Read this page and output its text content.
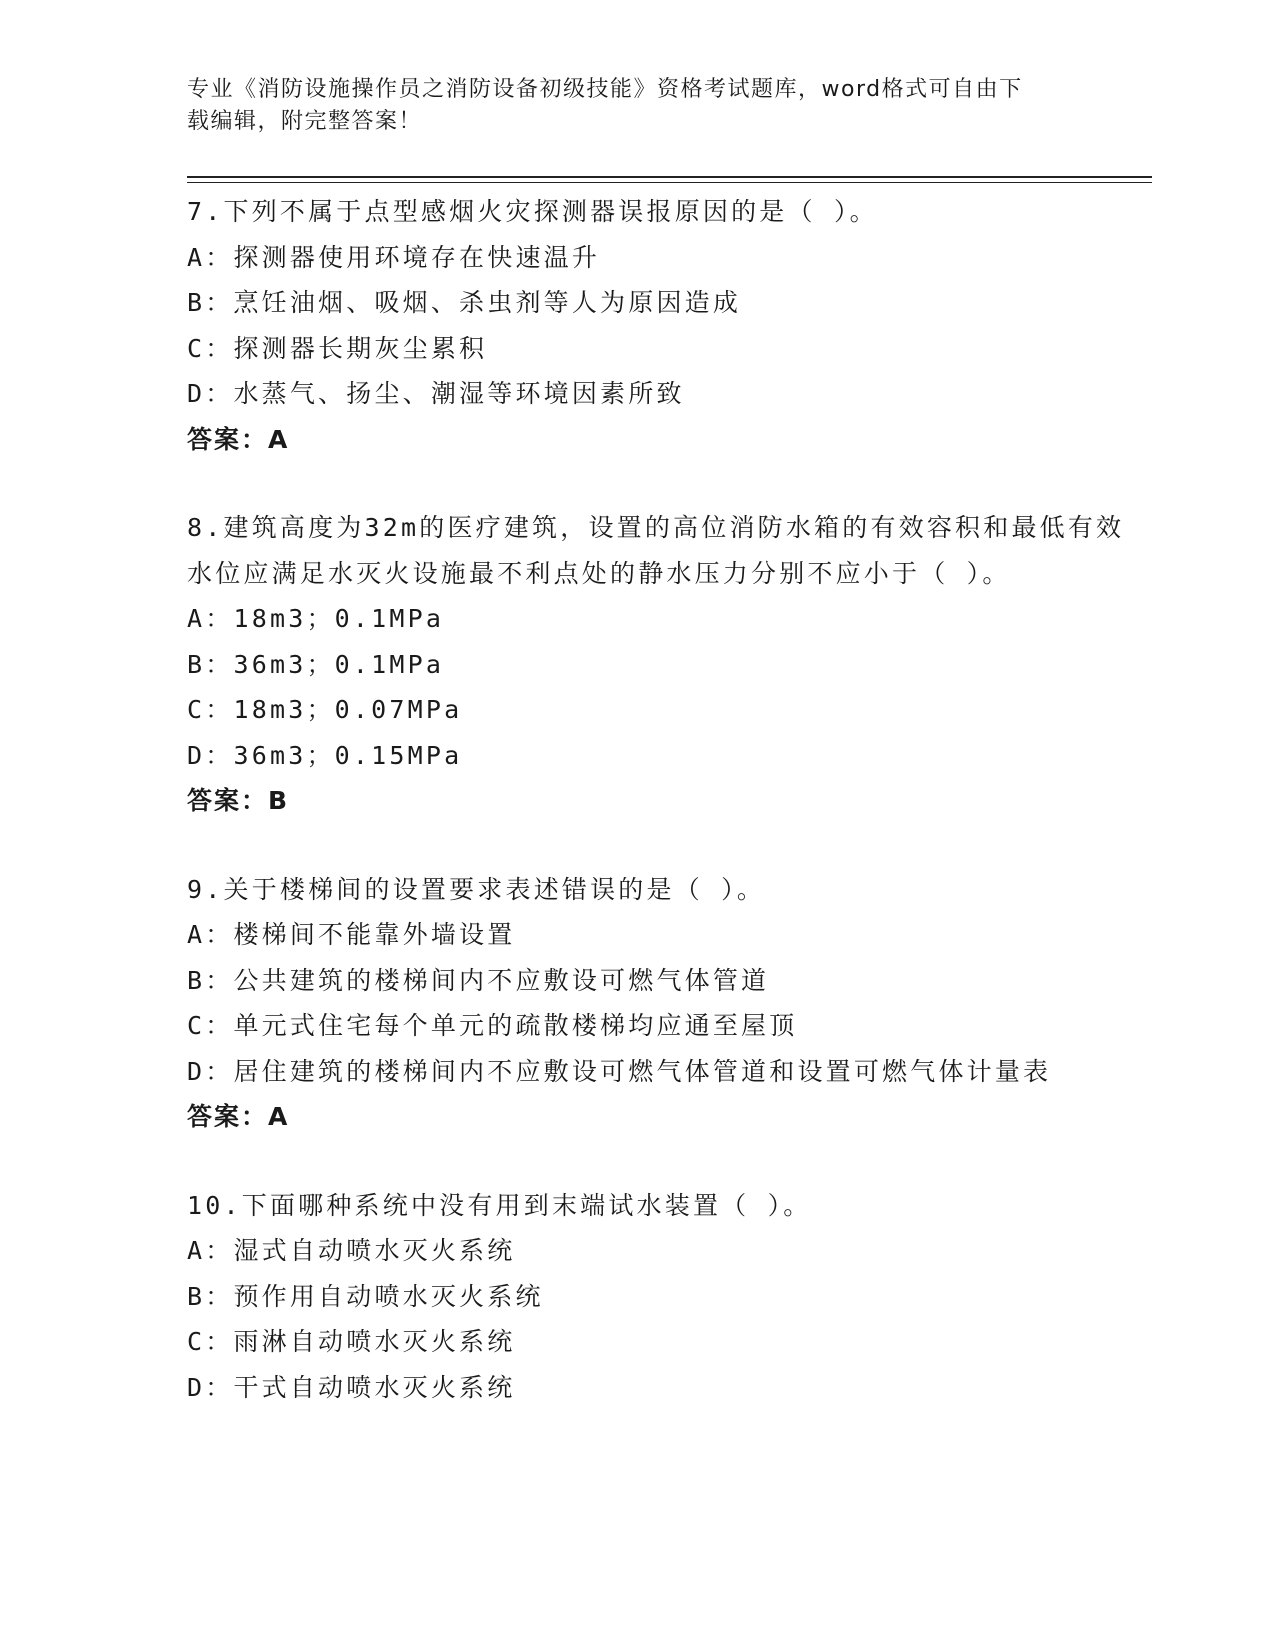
专业《消防设施操作员之消防设备初级技能》资格考试题库，word格式可自由下
载编辑，附完整答案！
7.下列不属于点型感烟火灾探测器误报原因的是（ ）。
A：探测器使用环境存在快速温升
B：烹饪油烟、吸烟、杀虫剂等人为原因造成
C：探测器长期灰尘累积
D：水蒸气、扬尘、潮湿等环境因素所致
答案：A
8.建筑高度为32m的医疗建筑，设置的高位消防水箱的有效容积和最低有效水位应满足水灭火设施最不利点处的静水压力分别不应小于（ ）。
A：18m3；0.1MPa
B：36m3；0.1MPa
C：18m3；0.07MPa
D：36m3；0.15MPa
答案：B
9.关于楼梯间的设置要求表述错误的是（ ）。
A：楼梯间不能靠外墙设置
B：公共建筑的楼梯间内不应敷设可燃气体管道
C：单元式住宅每个单元的疏散楼梯均应通至屋顶
D：居住建筑的楼梯间内不应敷设可燃气体管道和设置可燃气体计量表
答案：A
10.下面哪种系统中没有用到末端试水装置（ ）。
A：湿式自动喷水灭火系统
B：预作用自动喷水灭火系统
C：雨淋自动喷水灭火系统
D：干式自动喷水灭火系统
